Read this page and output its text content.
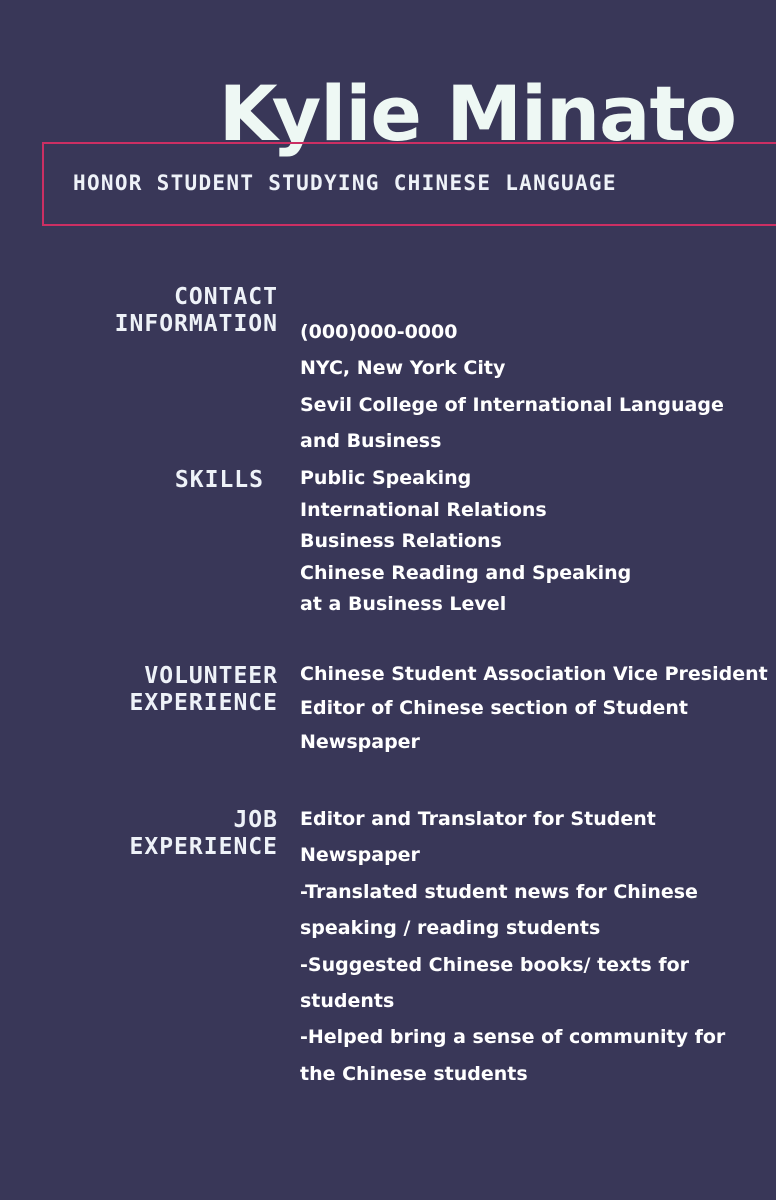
Kylie Minato
HONOR STUDENT STUDYING CHINESE LANGUAGE
CONTACT
INFORMATION (000)000-0000
NYC, New York City
Sevil College of International Language
and Business
SKILLS Public Speaking
International Relations
Business Relations
Chinese Reading and Speaking
at a Business Level
VOLUNTEER
EXPERIENCE
Chinese Student Association Vice President
Editor of Chinese section of Student
Newspaper
JOB
EXPERIENCE
Editor and Translator for Student
Newspaper
-Translated student news for Chinese
speaking / reading students
-Suggested Chinese books/ texts for
students
-Helped bring a sense of community for
the Chinese students
